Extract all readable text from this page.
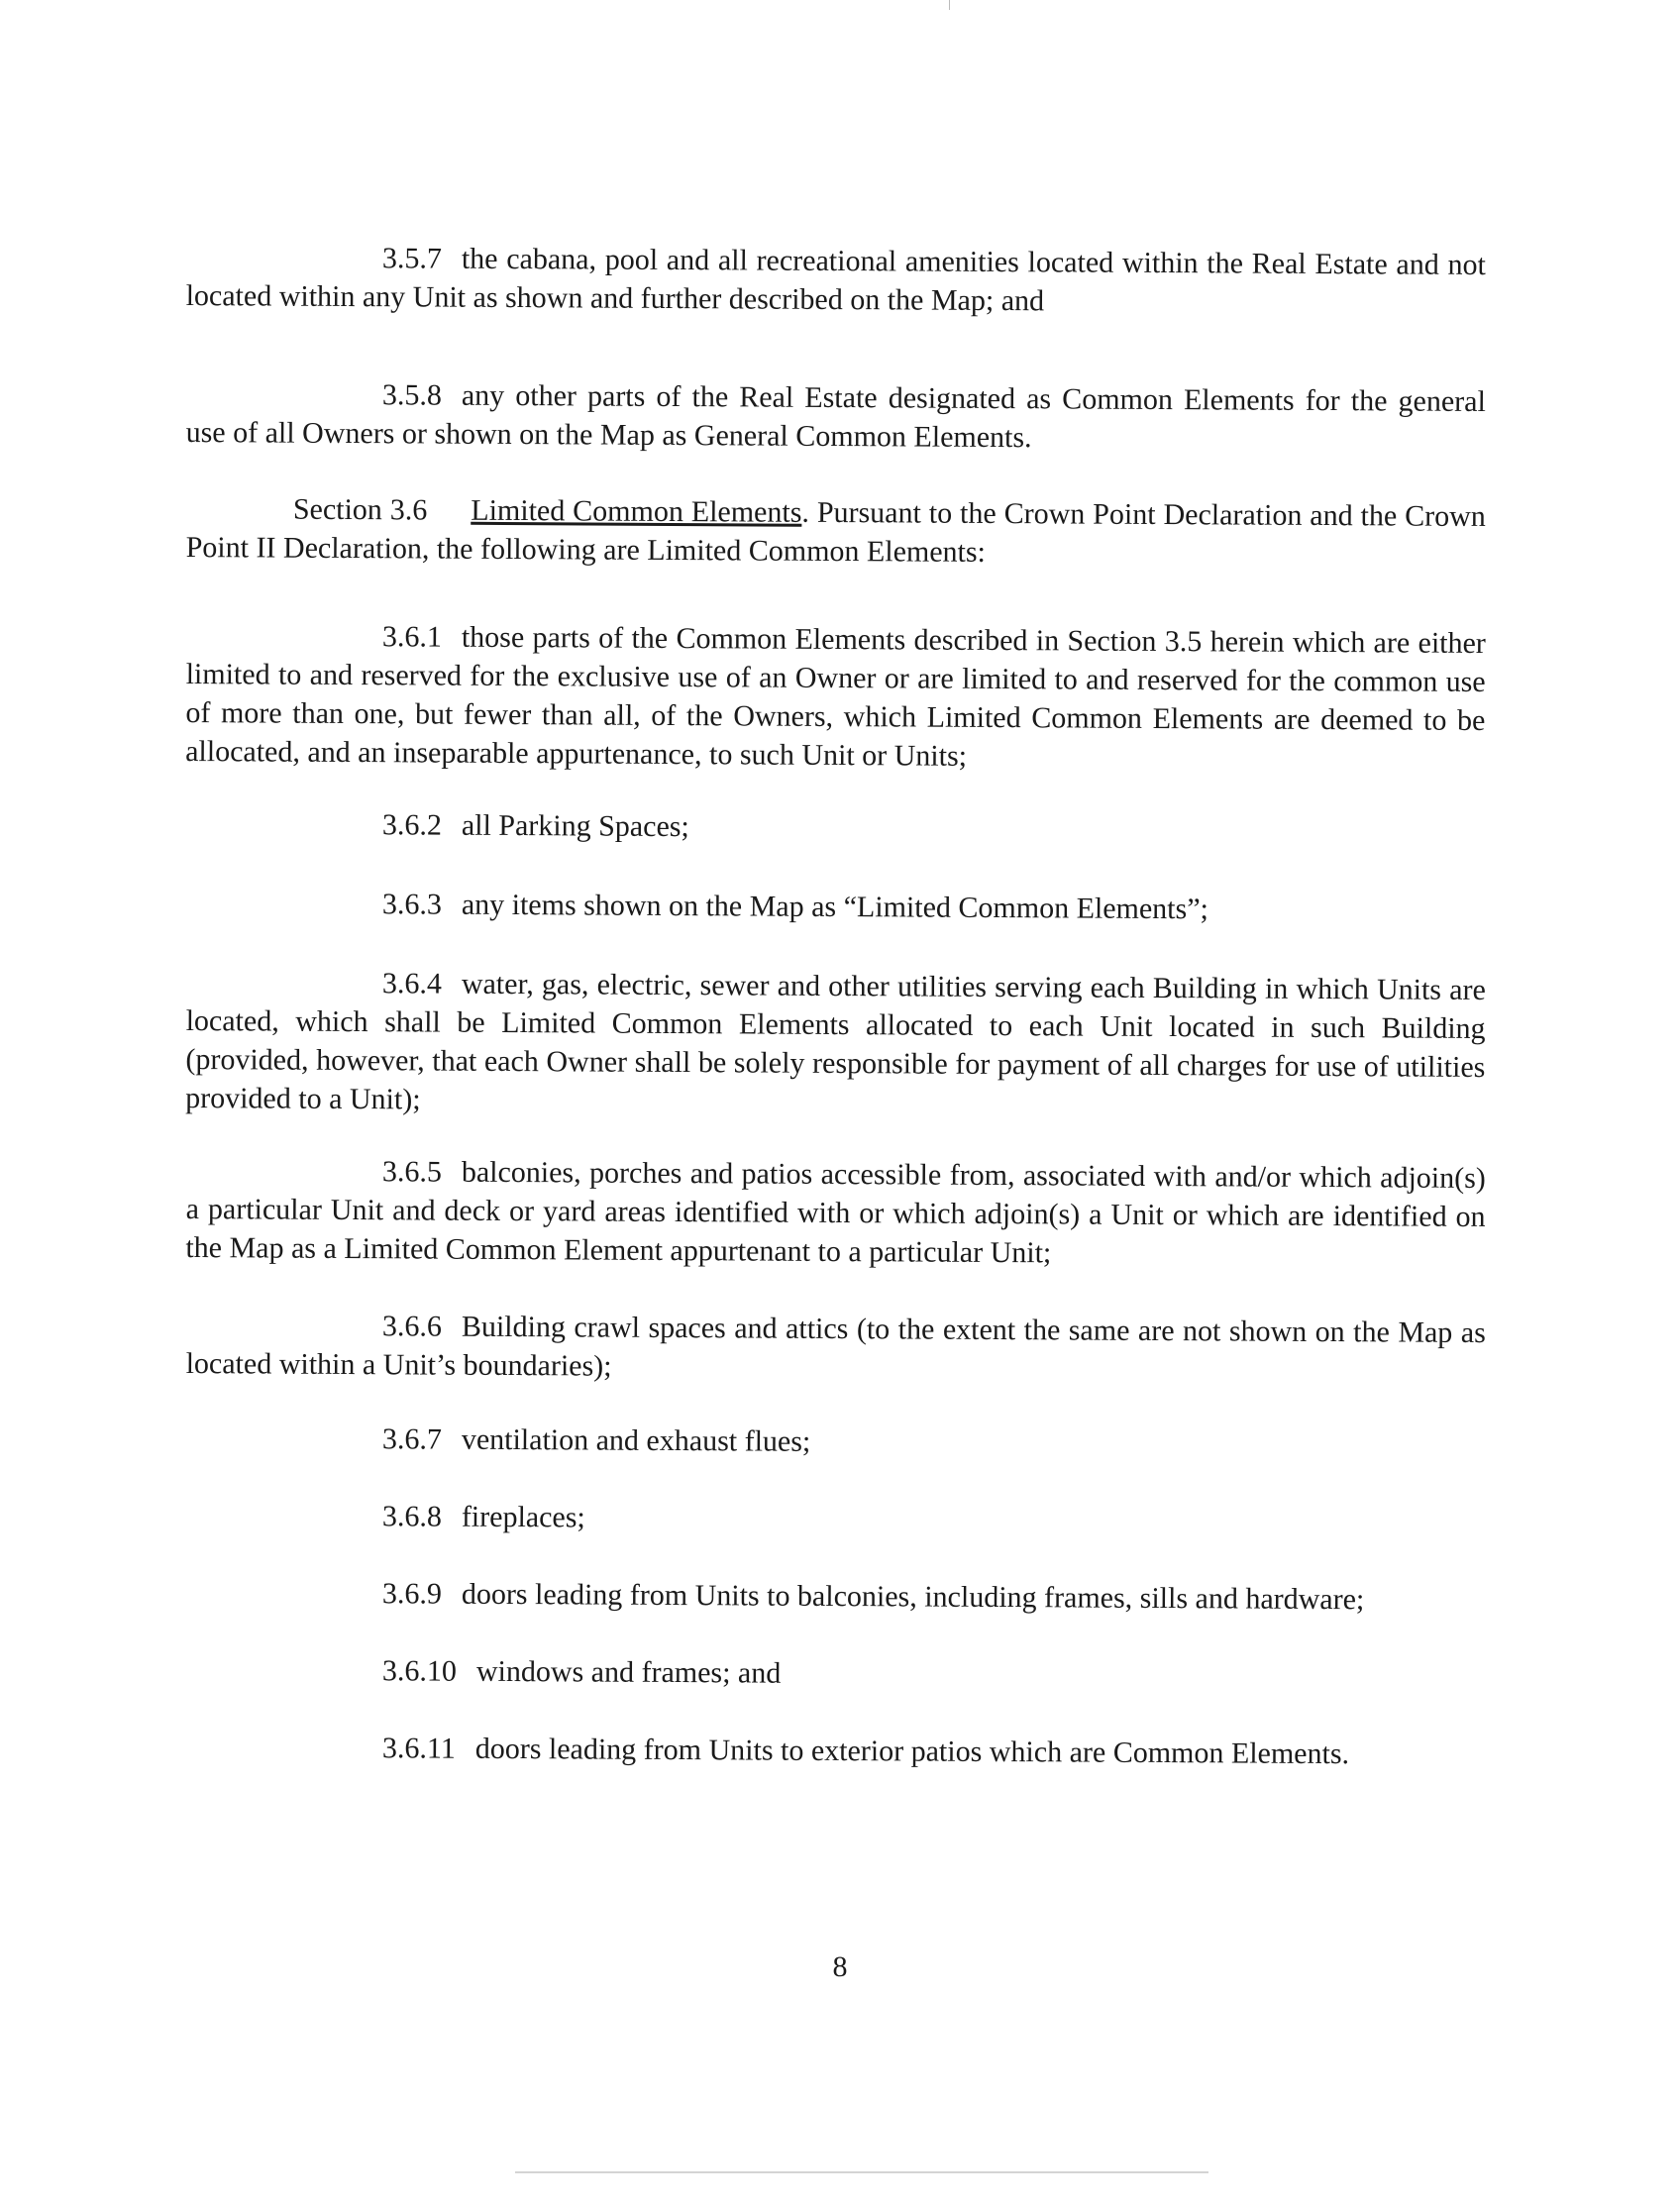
3.5.7 the cabana, pool and all recreational amenities located within the Real Estate and not located within any Unit as shown and further described on the Map; and

3.5.8 any other parts of the Real Estate designated as Common Elements for the general use of all Owners or shown on the Map as General Common Elements.

Section 3.6 Limited Common Elements. Pursuant to the Crown Point Declaration and the Crown Point II Declaration, the following are Limited Common Elements:

3.6.1 those parts of the Common Elements described in Section 3.5 herein which are either limited to and reserved for the exclusive use of an Owner or are limited to and reserved for the common use of more than one, but fewer than all, of the Owners, which Limited Common Elements are deemed to be allocated, and an inseparable appurtenance, to such Unit or Units;

3.6.2 all Parking Spaces;

3.6.3 any items shown on the Map as “Limited Common Elements”;

3.6.4 water, gas, electric, sewer and other utilities serving each Building in which Units are located, which shall be Limited Common Elements allocated to each Unit located in such Building (provided, however, that each Owner shall be solely responsible for payment of all charges for use of utilities provided to a Unit);

3.6.5 balconies, porches and patios accessible from, associated with and/or which adjoin(s) a particular Unit and deck or yard areas identified with or which adjoin(s) a Unit or which are identified on the Map as a Limited Common Element appurtenant to a particular Unit;

3.6.6 Building crawl spaces and attics (to the extent the same are not shown on the Map as located within a Unit’s boundaries);

3.6.7 ventilation and exhaust flues;

3.6.8 fireplaces;

3.6.9 doors leading from Units to balconies, including frames, sills and hardware;

3.6.10 windows and frames; and

3.6.11 doors leading from Units to exterior patios which are Common Elements.

8
